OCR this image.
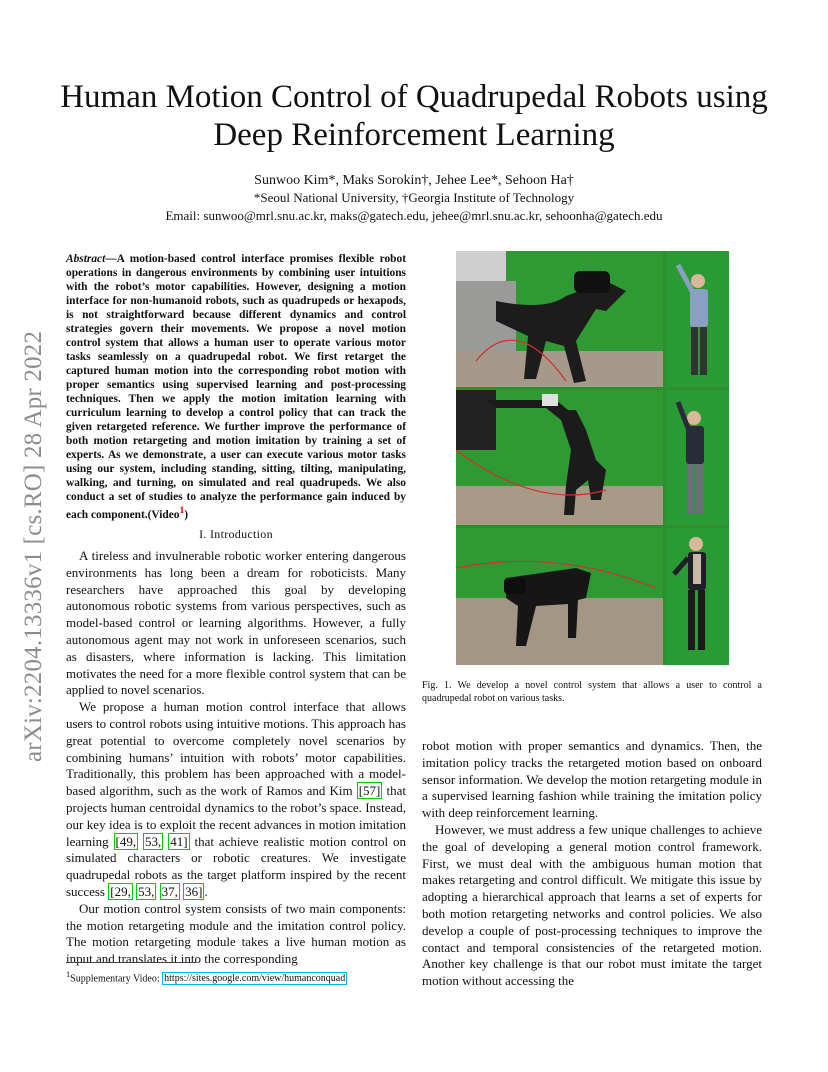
Human Motion Control of Quadrupedal Robots using Deep Reinforcement Learning
Sunwoo Kim*, Maks Sorokin†, Jehee Lee*, Sehoon Ha†
*Seoul National University, †Georgia Institute of Technology
Email: sunwoo@mrl.snu.ac.kr, maks@gatech.edu, jehee@mrl.snu.ac.kr, sehoonha@gatech.edu
arXiv:2204.13336v1 [cs.RO] 28 Apr 2022
Abstract—A motion-based control interface promises flexible robot operations in dangerous environments by combining user intuitions with the robot’s motor capabilities. However, designing a motion interface for non-humanoid robots, such as quadrupeds or hexapods, is not straightforward because different dynamics and control strategies govern their movements. We propose a novel motion control system that allows a human user to operate various motor tasks seamlessly on a quadrupedal robot. We first retarget the captured human motion into the corresponding robot motion with proper semantics using supervised learning and post-processing techniques. Then we apply the motion imitation learning with curriculum learning to develop a control policy that can track the given retargeted reference. We further improve the performance of both motion retargeting and motion imitation by training a set of experts. As we demonstrate, a user can execute various motor tasks using our system, including standing, sitting, tilting, manipulating, walking, and turning, on simulated and real quadrupeds. We also conduct a set of studies to analyze the performance gain induced by each component.(Video$^1$)
I. Introduction

A tireless and invulnerable robotic worker entering dangerous environments has long been a dream for roboticists. Many researchers have approached this goal by developing autonomous robotic systems from various perspectives, such as model-based control or learning algorithms. However, a fully autonomous agent may not work in unforeseen scenarios, such as disasters, where information is lacking. This limitation motivates the need for a more flexible control system that can be applied to novel scenarios.

We propose a human motion control interface that allows users to control robots using intuitive motions. This approach has great potential to overcome completely novel scenarios by combining humans’ intuition with robots’ motor capabilities. Traditionally, this problem has been approached with a model-based algorithm, such as the work of Ramos and Kim [57] that projects human centroidal dynamics to the robot’s space. Instead, our key idea is to exploit the recent advances in motion imitation learning [49, 53, 41] that achieve realistic motion control on simulated characters or robotic creatures. We investigate quadrupedal robots as the target platform inspired by the recent success [29, 53, 37, 36] .

Our motion control system consists of two main components: the motion retargeting module and the imitation control policy. The motion retargeting module takes a live human motion as input and translates it into the corresponding

$^1$Supplementary Video: https://sites.google.com/view/humanconquad
Fig. 1. We develop a novel control system that allows a user to control a quadrupedal robot on various tasks.

robot motion with proper semantics and dynamics. Then, the imitation policy tracks the retargeted motion based on onboard sensor information. We develop the motion retargeting module in a supervised learning fashion while training the imitation policy with deep reinforcement learning.

However, we must address a few unique challenges to achieve the goal of developing a general motion control framework. First, we must deal with the ambiguous human motion that makes retargeting and control difficult. We mitigate this issue by adopting a hierarchical approach that learns a set of experts for both motion retargeting networks and control policies. We also develop a couple of post-processing techniques to improve the contact and temporal consistencies of the retargeted motion. Another key challenge is that our robot must imitate the target motion without accessing the
